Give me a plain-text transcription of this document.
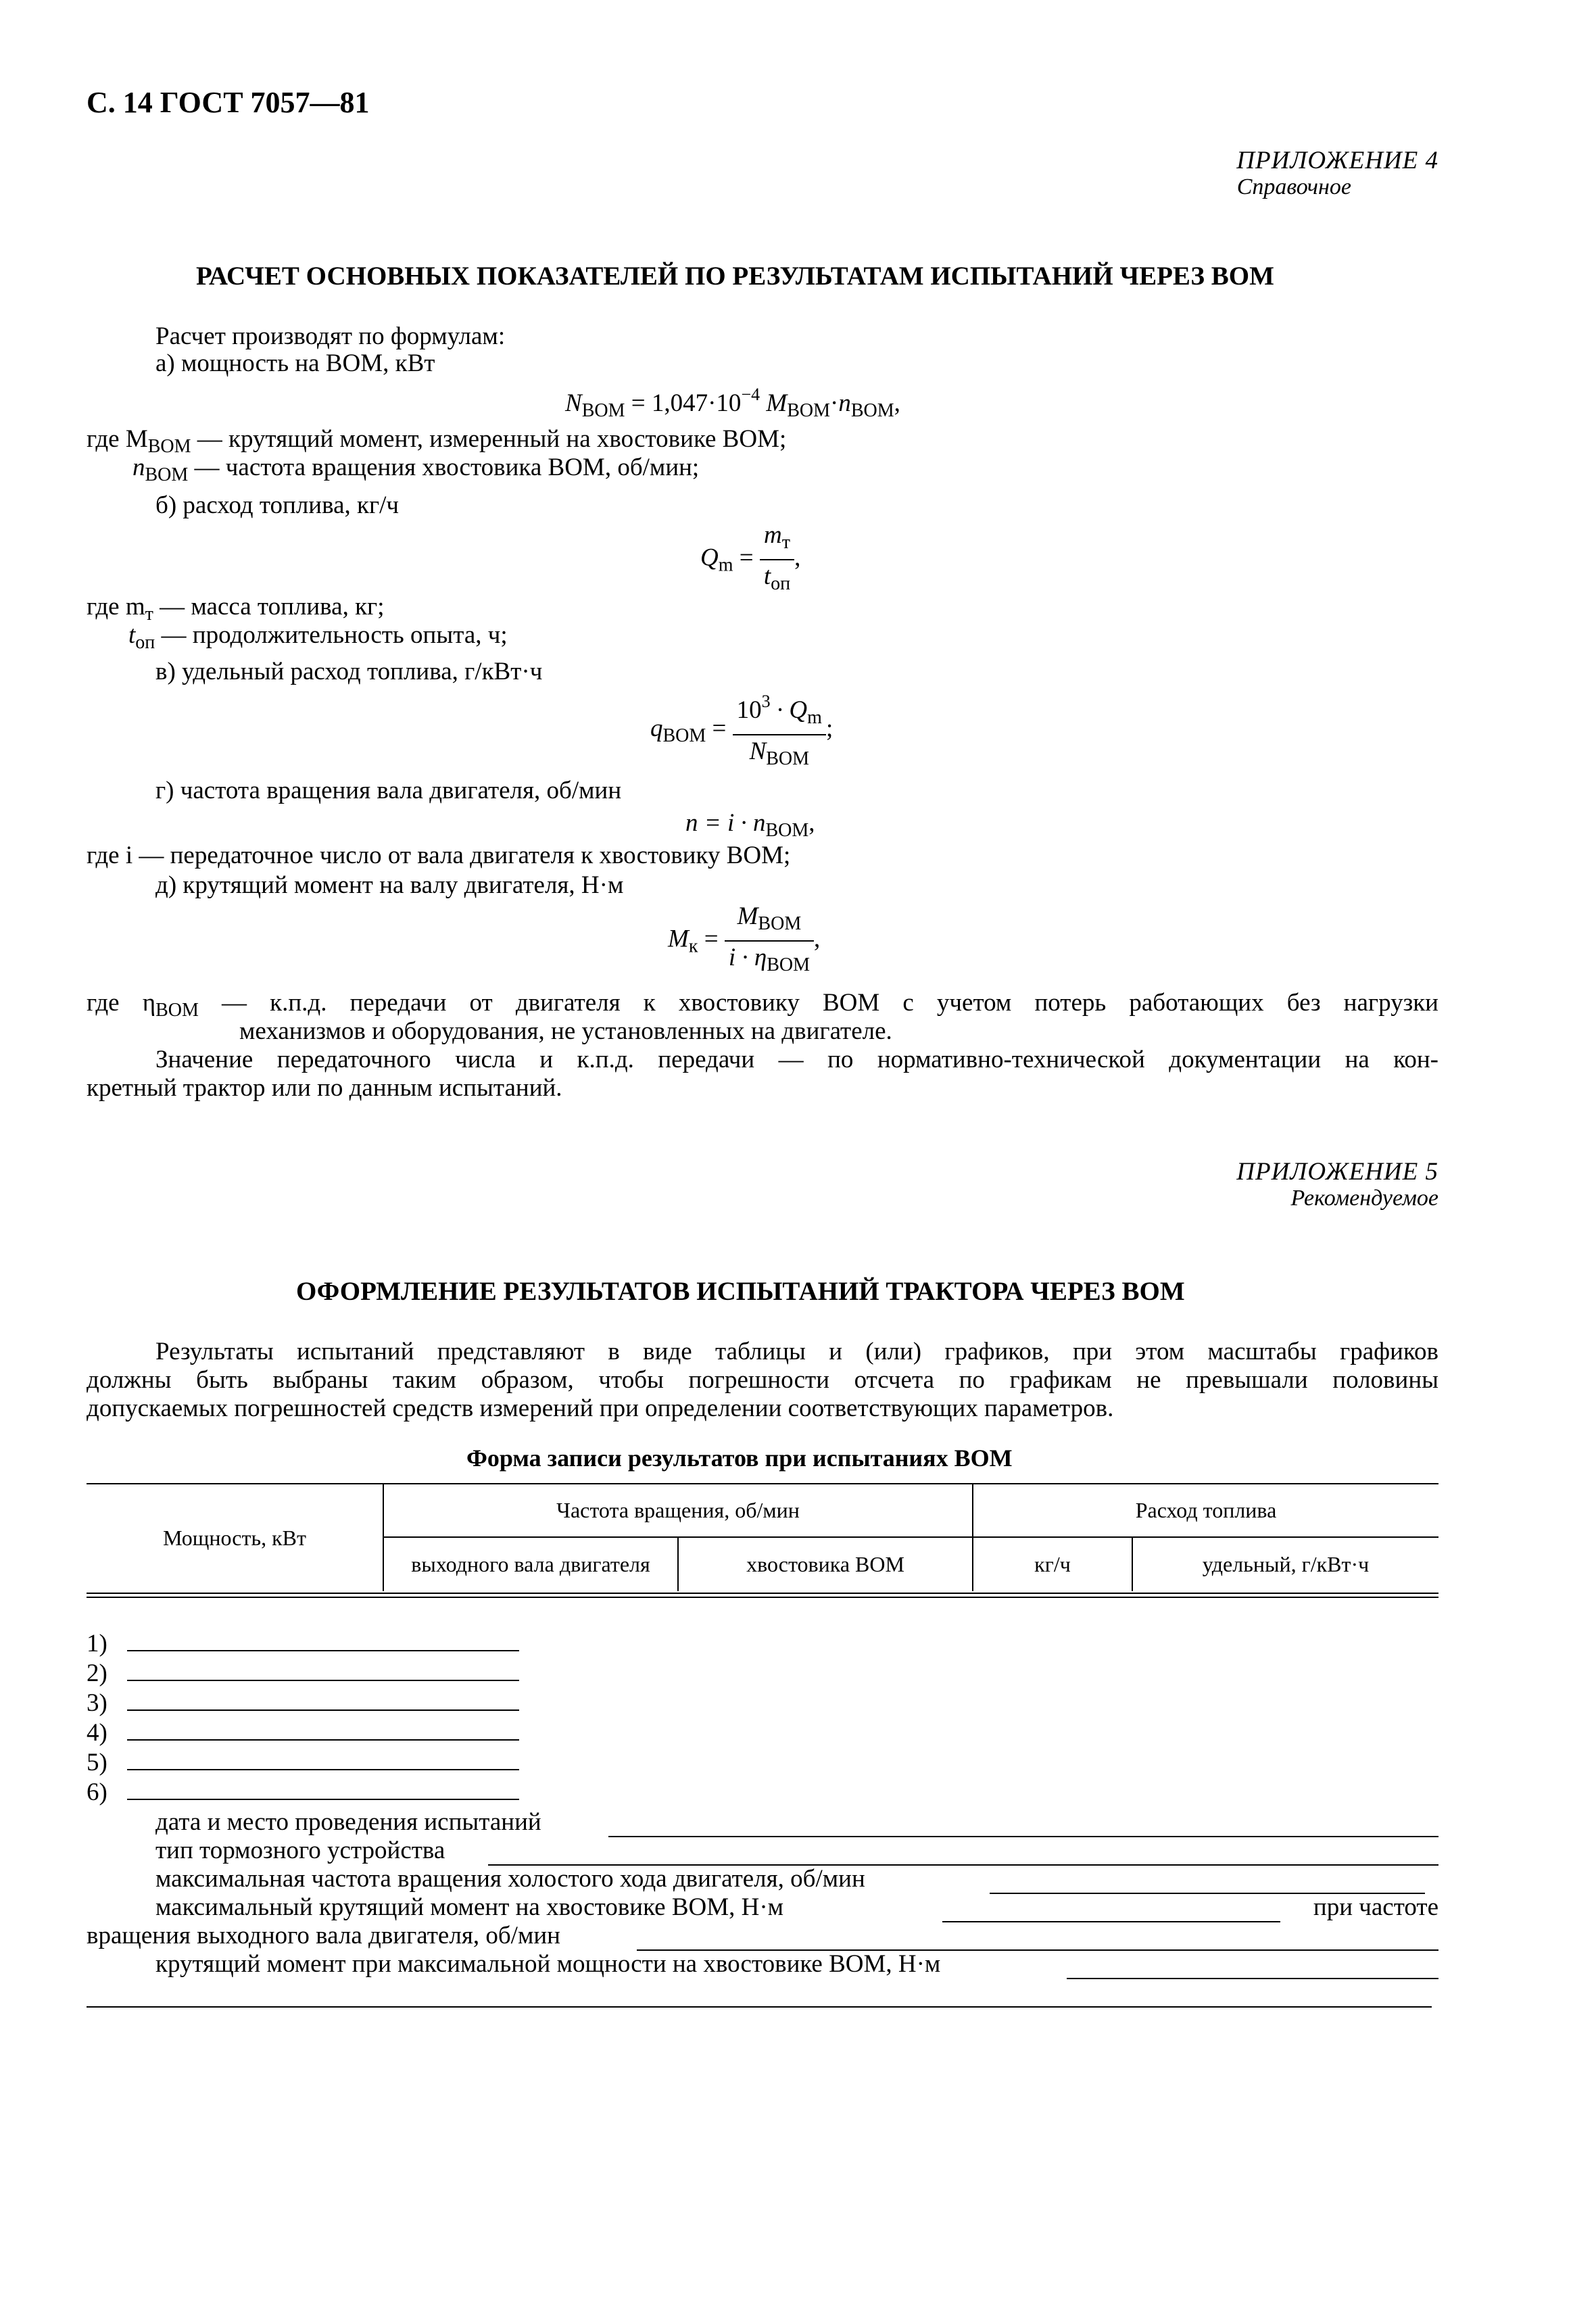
С. 14 ГОСТ 7057—81
ПРИЛОЖЕНИЕ 4
Справочное
РАСЧЕТ ОСНОВНЫХ ПОКАЗАТЕЛЕЙ ПО РЕЗУЛЬТАТАМ ИСПЫТАНИЙ ЧЕРЕЗ ВОМ
Расчет производят по формулам:
а) мощность на ВОМ, кВт
$N_{ВОМ} = 1,047\cdot 10^{-4}$ $M_{ВОМ}\cdot n_{ВОМ}$,
где $M_{ВОМ}$ — крутящий момент, измеренный на хвостовике ВОМ;
$n_{ВОМ}$ — частота вращения хвостовика ВОМ, об/мин;
б) расход топлива, кг/ч
$Q_m = \frac{m_т}{t_{оп}}$ ,
где $m_т$ — масса топлива, кг;
$t_{оп}$ — продолжительность опыта, ч;
в) удельный расход топлива, г/кВт·ч
$q_{ВОМ} = \frac{10^3 \cdot Q_m}{N_{ВОМ}}$ ;
г) частота вращения вала двигателя, об/мин
$n = i \cdot n_{ВОМ}$,
где i — передаточное число от вала двигателя к хвостовику ВОМ;
д) крутящий момент на валу двигателя, Н·м
$M_к = \frac{M_{ВОМ}}{i \cdot \eta_{ВОМ}}$ ,
где $\eta_{ВОМ}$ — к.п.д. передачи от двигателя к хвостовику ВОМ с учетом потерь работающих без нагрузки
механизмов и оборудования, не установленных на двигателе.
Значение передаточного числа и к.п.д. передачи — по нормативно-технической документации на кон-
кретный трактор или по данным испытаний.
ПРИЛОЖЕНИЕ 5
Рекомендуемое
ОФОРМЛЕНИЕ РЕЗУЛЬТАТОВ ИСПЫТАНИЙ ТРАКТОРА ЧЕРЕЗ ВОМ
Результаты испытаний представляют в виде таблицы и (или) графиков, при этом масштабы графиков
должны быть выбраны таким образом, чтобы погрешности отсчета по графикам не превышали половины
допускаемых погрешностей средств измерений при определении соответствующих параметров.
Форма записи результатов при испытаниях ВОМ
Мощность, кВт	Частота вращения, об/мин		Расход топлива	
	выходного вала двигателя	хвостовика ВОМ	кг/ч	удельный, г/кВт·ч
1)
2)
3)
4)
5)
6)
дата и место проведения испытаний
тип тормозного устройства
максимальная частота вращения холостого хода двигателя, об/мин
максимальный крутящий момент на хвостовике ВОМ, Н·м	при частоте
вращения выходного вала двигателя, об/мин
крутящий момент при максимальной мощности на хвостовике ВОМ, Н·м
